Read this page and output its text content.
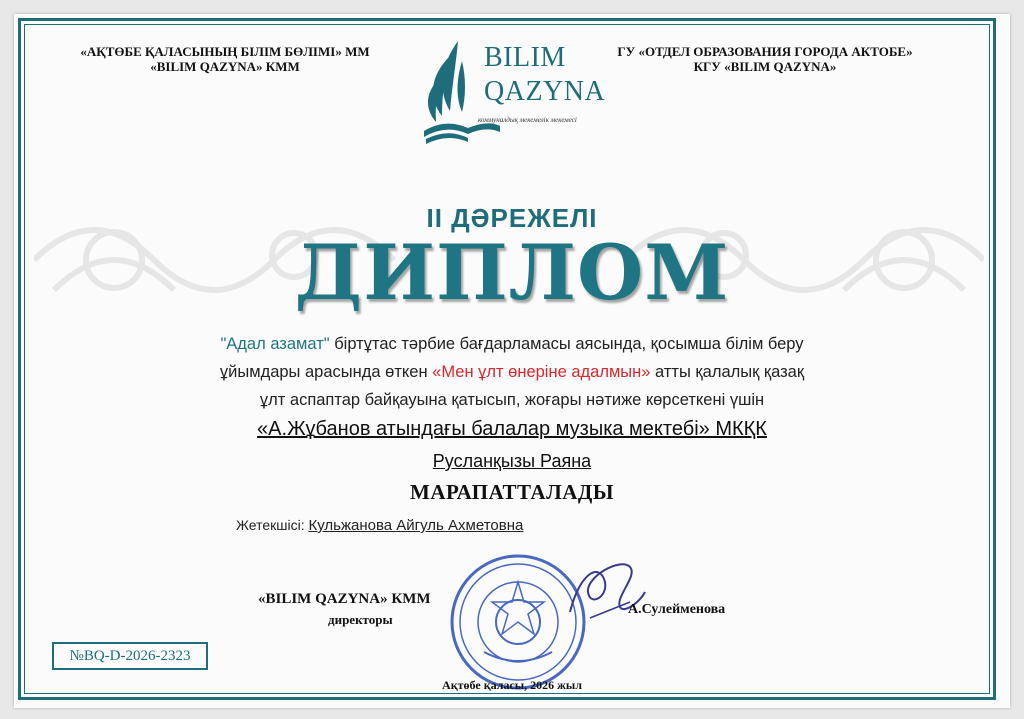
«АҚТӨБЕ ҚАЛАСЫНЫҢ БІЛІМ БӨЛІМІ» ММ
«BILIM QAZYNA» КММ
ГУ «ОТДЕЛ ОБРАЗОВАНИЯ ГОРОДА АКТОБЕ»
КГУ «BILIM QAZYNA»
BILIM
QAZYNA
коммуналдық мекемелік мекемесі
II ДӘРЕЖЕЛІ
ДИПЛОМ
"Адал азамат" біртұтас тәрбие бағдарламасы аясында, қосымша білім беру
ұйымдары арасында өткен «Мен ұлт өнеріне адалмын» атты қалалық қазақ
ұлт аспаптар байқауына қатысып, жоғары нәтиже көрсеткені үшін
«А.Жұбанов атындағы балалар музыка мектебі» МКҚК
Русланқызы Раяна
МАРАПАТТАЛАДЫ
Жетекшісі: Кульжанова Айгуль Ахметовна
«BILIM QAZYNA» КММ
директоры
А.Сулейменова
Ақтөбе қаласы, 2026 жыл
№BQ-D-2026-2323
